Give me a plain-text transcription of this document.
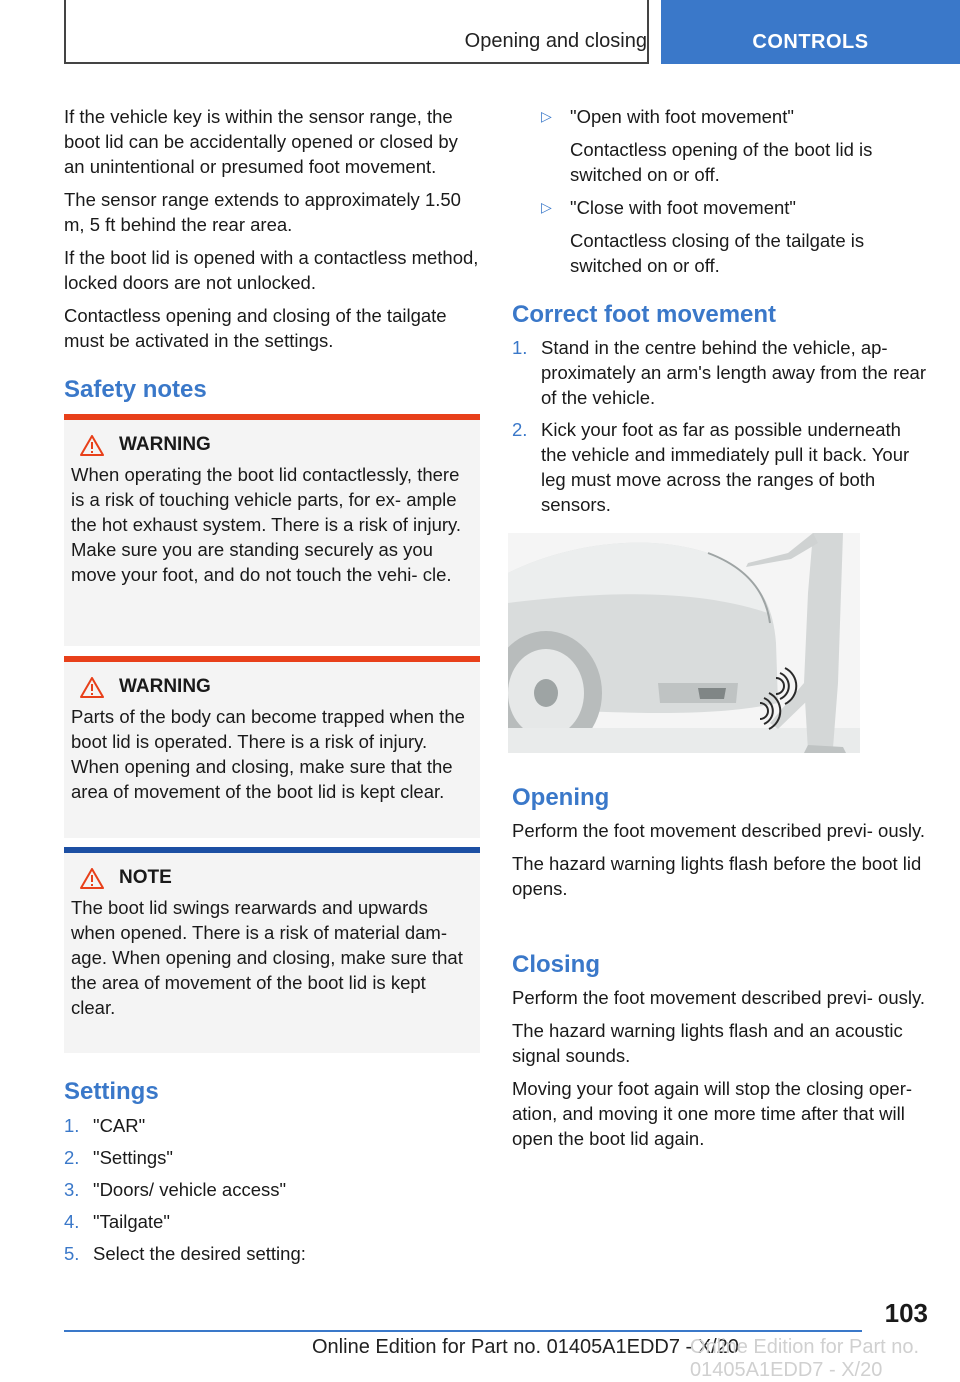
Opening and closing	CONTROLS

If the vehicle key is within the sensor range, the boot lid can be accidentally opened or closed by an unintentional or presumed foot movement.

The sensor range extends to approximately 1.50 m, 5 ft behind the rear area.

If the boot lid is opened with a contactless method, locked doors are not unlocked.

Contactless opening and closing of the tailgate must be activated in the settings.

Safety notes
WARNING
When operating the boot lid contactlessly, there is a risk of touching vehicle parts, for ex- ample the hot exhaust system. There is a risk of injury. Make sure you are standing securely as you move your foot, and do not touch the vehi- cle.
WARNING
Parts of the body can become trapped when the boot lid is operated. There is a risk of injury. When opening and closing, make sure that the area of movement of the boot lid is kept clear.
NOTE
The boot lid swings rearwards and upwards when opened. There is a risk of material dam- age. When opening and closing, make sure that the area of movement of the boot lid is kept clear.
Settings
1. "CAR"
2. "Settings"
3. "Doors/ vehicle access"
4. "Tailgate"
5. Select the desired setting:
▷ "Open with foot movement"
Contactless opening of the boot lid is switched on or off.
▷ "Close with foot movement"
Contactless closing of the tailgate is switched on or off.
Correct foot movement
1. Stand in the centre behind the vehicle, ap- proximately an arm's length away from the rear of the vehicle.
2. Kick your foot as far as possible underneath the vehicle and immediately pull it back. Your leg must move across the ranges of both sensors.
Opening

Perform the foot movement described previ- ously.

The hazard warning lights flash before the boot lid opens.

Closing

Perform the foot movement described previ- ously.

The hazard warning lights flash and an acoustic signal sounds.

Moving your foot again will stop the closing oper- ation, and moving it one more time after that will open the boot lid again.

103
Online Edition for Part no. 01405A1EDD7 - X/20
Online Edition for Part no. 01405A1EDD7 - X/20
